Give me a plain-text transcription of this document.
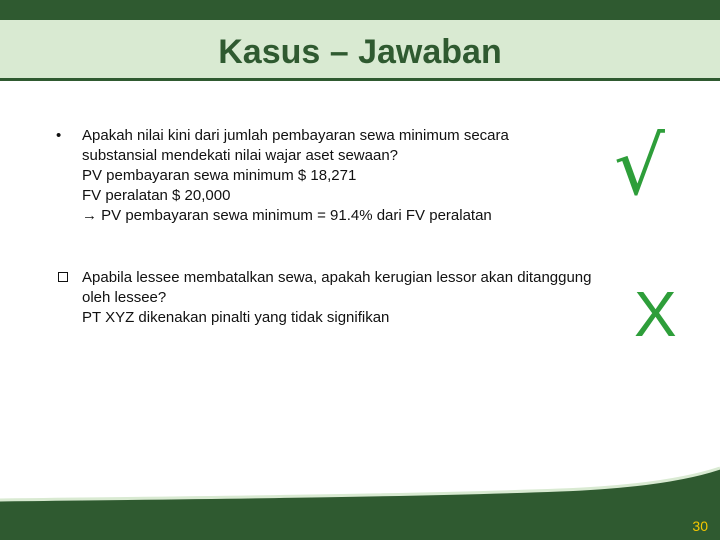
Kasus – Jawaban
•	Apakah nilai kini dari jumlah pembayaran sewa minimum secara
substansial mendekati nilai wajar aset sewaan?
PV pembayaran sewa minimum $ 18,271
FV peralatan $ 20,000
→ PV pembayaran sewa minimum = 91.4% dari FV peralatan
√
Apabila lessee membatalkan sewa, apakah kerugian lessor akan ditanggung
oleh lessee?
PT XYZ dikenakan pinalti yang tidak signifikan	X
30
